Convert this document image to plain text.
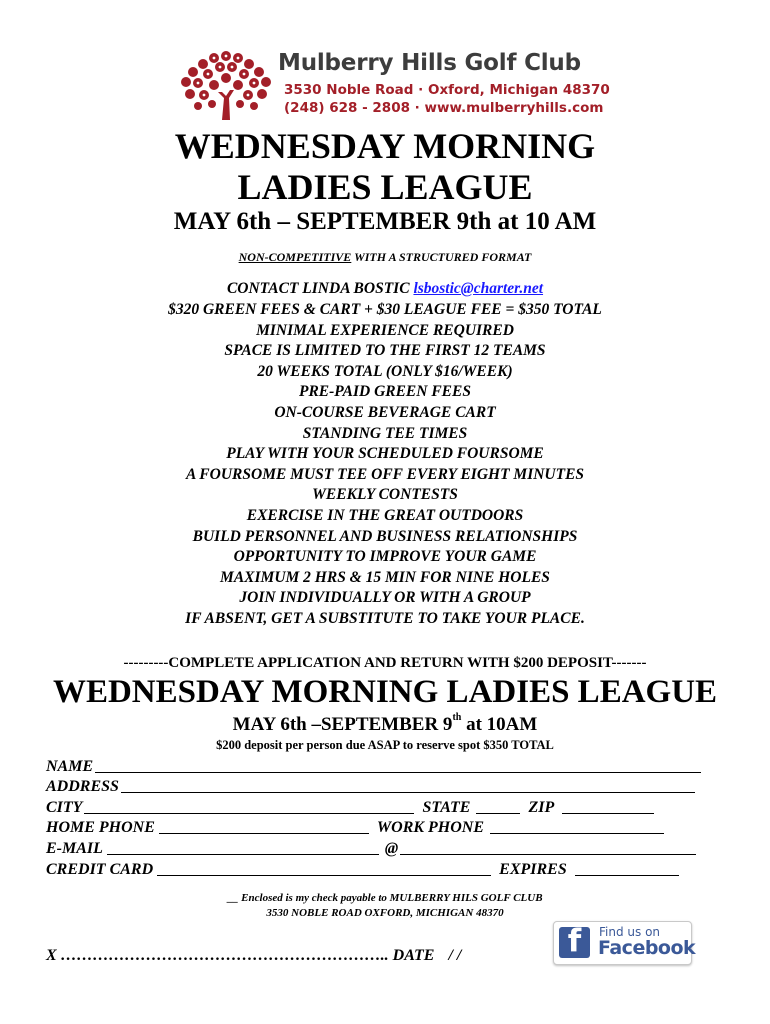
Mulberry Hills Golf Club
3530 Noble Road · Oxford, Michigan 48370
(248) 628 - 2808 · www.mulberryhills.com
WEDNESDAY MORNING
LADIES LEAGUE
MAY 6th – SEPTEMBER 9th at 10 AM
NON-COMPETITIVE WITH A STRUCTURED FORMAT
CONTACT LINDA BOSTIC lsbostic@charter.net
$320 GREEN FEES & CART + $30 LEAGUE FEE = $350 TOTAL
MINIMAL EXPERIENCE REQUIRED
SPACE IS LIMITED TO THE FIRST 12 TEAMS
20 WEEKS TOTAL (ONLY $16/WEEK)
PRE-PAID GREEN FEES
ON-COURSE BEVERAGE CART
STANDING TEE TIMES
PLAY WITH YOUR SCHEDULED FOURSOME
A FOURSOME MUST TEE OFF EVERY EIGHT MINUTES
WEEKLY CONTESTS
EXERCISE IN THE GREAT OUTDOORS
BUILD PERSONNEL AND BUSINESS RELATIONSHIPS
OPPORTUNITY TO IMPROVE YOUR GAME
MAXIMUM 2 HRS & 15 MIN FOR NINE HOLES
JOIN INDIVIDUALLY OR WITH A GROUP
IF ABSENT, GET A SUBSTITUTE TO TAKE YOUR PLACE.
---------COMPLETE APPLICATION AND RETURN WITH $200 DEPOSIT-------
WEDNESDAY MORNING LADIES LEAGUE
MAY 6th –SEPTEMBER 9th at 10AM
$200 deposit per person due ASAP to reserve spot $350 TOTAL
NAME
ADDRESS
CITY	STATE	ZIP
HOME PHONE	WORK PHONE
E-MAIL	@
CREDIT CARD	EXPIRES
__ Enclosed is my check payable to MULBERRY HILS GOLF CLUB
3530 NOBLE ROAD OXFORD, MICHIGAN 48370
X …………………………………………………….. DATE / /	f	Find us on
Facebook
